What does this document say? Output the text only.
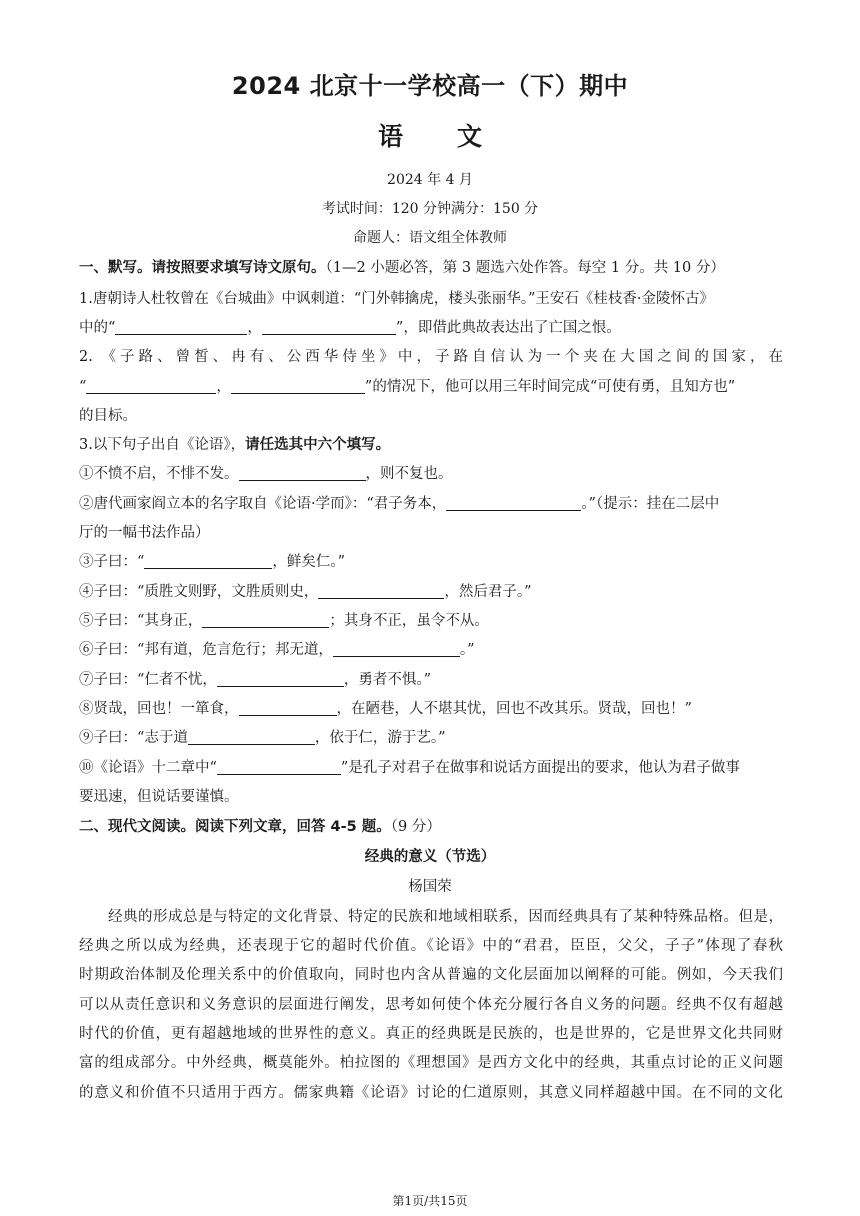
2024 北京十一学校高一（下）期中
语 文
2024 年 4 月
考试时间：120 分钟满分：150 分
命题人：语文组全体教师
一、默写。请按照要求填写诗文原句。（1—2 小题必答，第 3 题选六处作答。每空 1 分。共 10 分）
1.唐朝诗人杜牧曾在《台城曲》中讽刺道：“门外韩擒虎，楼头张丽华。”王安石《桂枝香·金陵怀古》
中的“	，	”，即借此典故表达出了亡国之恨。
2. 《子路、曾皙、冉有、公西华侍坐》中，子路自信认为一个夹在大国之间的国家，在
“	，	”的情况下，他可以用三年时间完成“可使有勇，且知方也”
的目标。
3.以下句子出自《论语》，请任选其中六个填写。
①不愤不启，不悱不发。	，则不复也。
②唐代画家阎立本的名字取自《论语·学而》：“君子务本，	。”（提示：挂在二层中
厅的一幅书法作品）
③子曰：“	，鲜矣仁。”
④子曰：“质胜文则野，文胜质则史，	，然后君子。”
⑤子曰：“其身正，	；其身不正，虽令不从。
⑥子曰：“邦有道，危言危行；邦无道，	。”
⑦子曰：“仁者不忧，	，勇者不惧。”
⑧贤哉，回也！一箪食，	，在陋巷，人不堪其忧，回也不改其乐。贤哉，回也！”
⑨子曰：“志于道	，依于仁，游于艺。”
⑩《论语》十二章中“	”是孔子对君子在做事和说话方面提出的要求，他认为君子做事
要迅速，但说话要谨慎。
二、现代文阅读。阅读下列文章，回答 4-5 题。（9 分）
经典的意义（节选）
杨国荣
经典的形成总是与特定的文化背景、特定的民族和地域相联系，因而经典具有了某种特殊品格。但是，
经典之所以成为经典，还表现于它的超时代价值。《论语》中的“君君，臣臣，父父，子子”体现了春秋
时期政治体制及伦理关系中的价值取向，同时也内含从普遍的文化层面加以阐释的可能。例如，今天我们
可以从责任意识和义务意识的层面进行阐发，思考如何使个体充分履行各自义务的问题。经典不仅有超越
时代的价值，更有超越地域的世界性的意义。真正的经典既是民族的，也是世界的，它是世界文化共同财
富的组成部分。中外经典，概莫能外。柏拉图的《理想国》是西方文化中的经典，其重点讨论的正义问题
的意义和价值不只适用于西方。儒家典籍《论语》讨论的仁道原则，其意义同样超越中国。在不同的文化
第1页/共15页
